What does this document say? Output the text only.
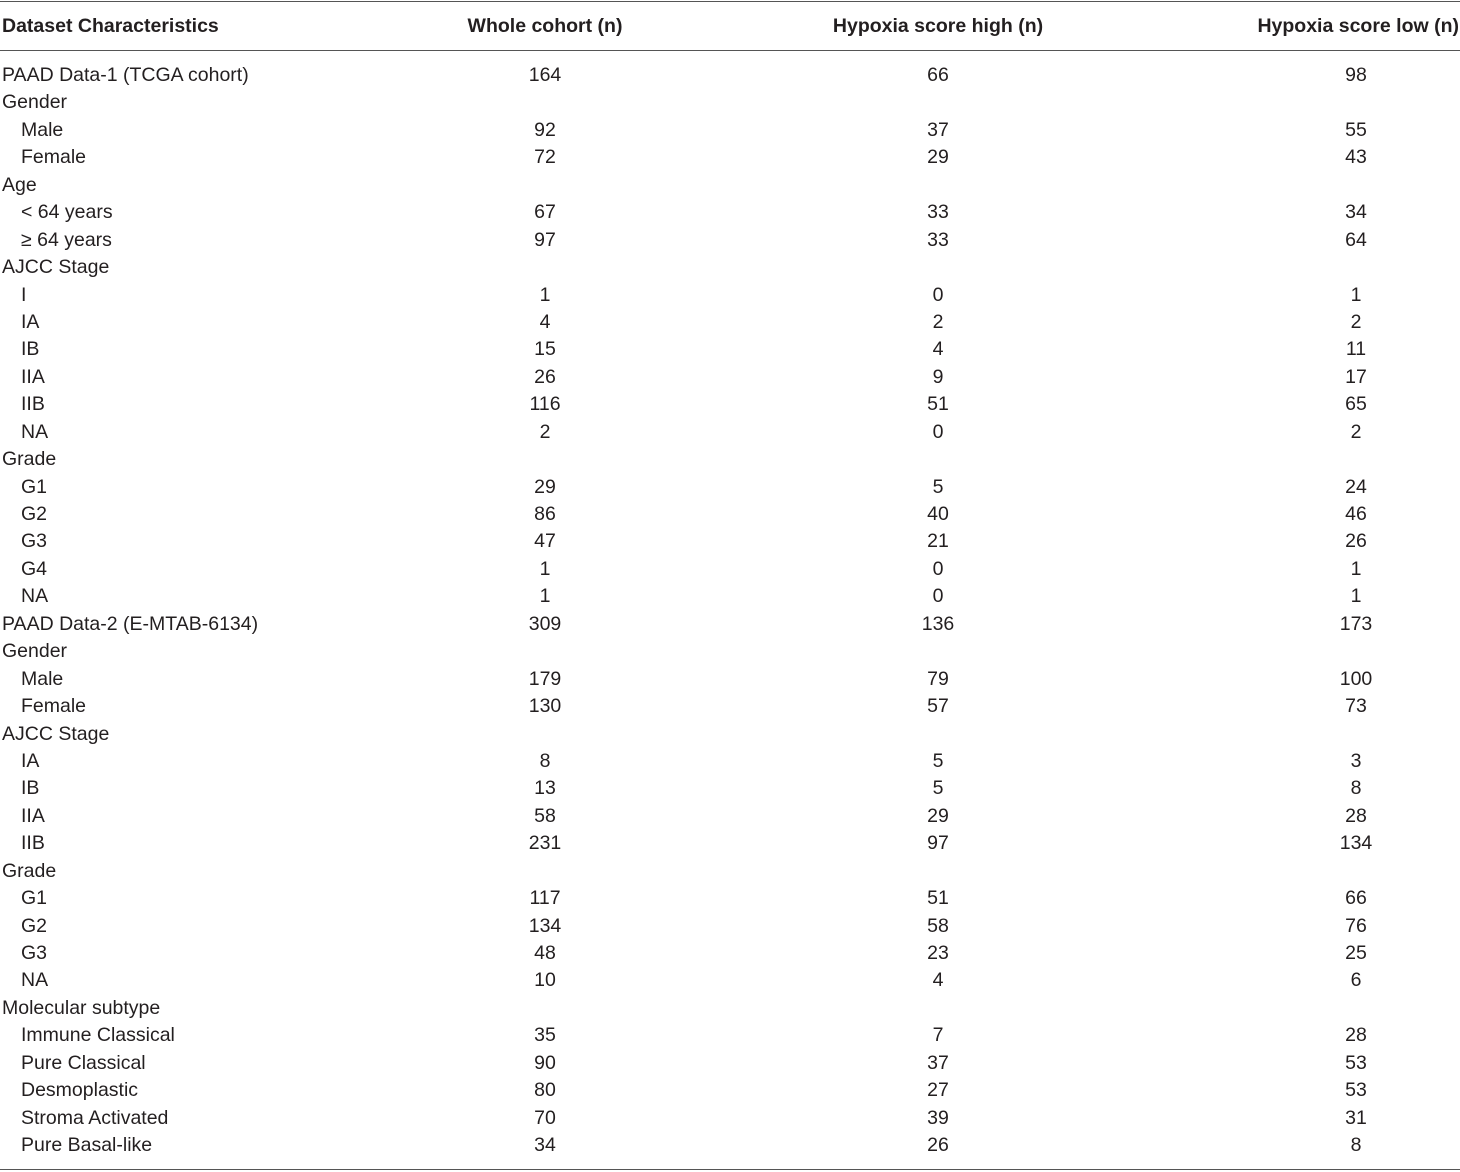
Dataset Characteristics	Whole cohort (n)	Hypoxia score high (n)	Hypoxia score low (n)
PAAD Data-1 (TCGA cohort)	164	66	98
Gender
Male	92	37	55
Female	72	29	43
Age
< 64 years	67	33	34
≥ 64 years	97	33	64
AJCC Stage
I	1	0	1
IA	4	2	2
IB	15	4	11
IIA	26	9	17
IIB	116	51	65
NA	2	0	2
Grade
G1	29	5	24
G2	86	40	46
G3	47	21	26
G4	1	0	1
NA	1	0	1
PAAD Data-2 (E-MTAB-6134)	309	136	173
Gender
Male	179	79	100
Female	130	57	73
AJCC Stage
IA	8	5	3
IB	13	5	8
IIA	58	29	28
IIB	231	97	134
Grade
G1	117	51	66
G2	134	58	76
G3	48	23	25
NA	10	4	6
Molecular subtype
Immune Classical	35	7	28
Pure Classical	90	37	53
Desmoplastic	80	27	53
Stroma Activated	70	39	31
Pure Basal-like	34	26	8
